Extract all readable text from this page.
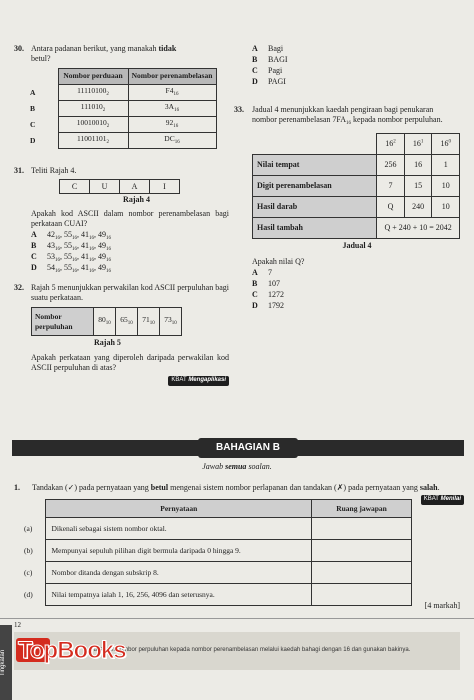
30. Antara padanan berikut, yang manakah tidak
betul?
	Nombor perduaan	Nombor perenambelasan
A	$11110100_2$	$F4_{16}$
B	$111010_2$	$3A_{16}$
C	$10010010_2$	$92_{16}$
D	$11001101_2$	$DC_{16}$
A Bagi
B BAGI
C Pagi
D PAGI
33.	Jadual 4 menunjukkan kaedah pengiraan bagi penukaran nombor perenambelasan $7FA_{16}$ kepada nombor perpuluhan.
	$16^2$	$16^1$	$16^0$
Nilai tempat	256	16	1
Digit perenambelasan	7	15	10
Hasil darab	Q	240	10
Hasil tambah	Q + 240 + 10 = 2042		
Jadual 4
Apakah nilai Q?
A 7
B 107
C 1272
D 1792
31. Teliti Rajah 4.
C	U	A	I
Rajah 4
Apakah kod ASCII dalam nombor perenambelasan bagi perkataan CUAI?
A $42_{16}$, $55_{16}$, $41_{16}$, $49_{16}$
B $43_{16}$, $55_{16}$, $41_{16}$, $49_{16}$
C $53_{16}$, $55_{16}$, $41_{16}$, $49_{16}$
D $54_{16}$, $55_{16}$, $41_{16}$, $49_{16}$
32. Rajah 5 menunjukkan perwakilan kod ASCII perpuluhan bagi suatu perkataan.
Nombor perpuluhan	$80_{10}$	$65_{10}$	$71_{10}$	$73_{10}$
Rajah 5
Apakah perkataan yang diperoleh daripada perwakilan kod ASCII perpuluhan di atas?
KBAT Mengaplikasi
BAHAGIAN B
Jawab semua soalan.
1.	Tandakan (✓) pada pernyataan yang betul mengenai sistem nombor perlapanan dan tandakan (✗) pada pernyataan yang salah.
KBAT Menilai
	Pernyataan	Ruang jawapan
(a)	Dikenali sebagai sistem nombor oktal.	
(b)	Mempunyai sepuluh pilihan digit bermula daripada 0 hingga 9.	
(c)	Nombor ditanda dengan subskrip 8.	
(d)	Nilai tempatnya ialah 1, 16, 256, 4096 dan seterusnya.	
[4 markah]
12
Tingkatan	Tukarkan nombor perpuluhan kepada nombor perenambelasan melalui kaedah bahagi dengan 16 dan gunakan bakinya.
TopBooks
